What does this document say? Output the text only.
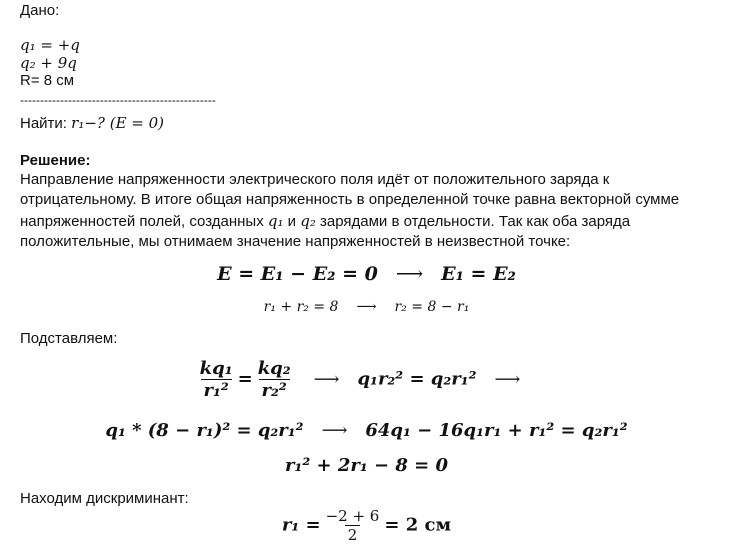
Дано:
q₁ = +q
q₂ + 9q
R= 8 см
-------------------------------------------------
Найти: r₁−? (E = 0)
Решение:
Направление напряженности электрического поля идёт от положительного заряда к
отрицательному. В итоге общая напряженность в определенной точке равна векторной сумме
напряженностей полей, созданных q₁ и q₂ зарядами в отдельности. Так как оба заряда
положительные, мы отнимаем значение напряженностей в неизвестной точке:
E = E₁ − E₂ = 0 ⟶ E₁ = E₂
r₁ + r₂ = 8 ⟶ r₂ = 8 − r₁
Подставляем:
$\frac{\text{kq₁}}{\text{r₁²}} = \frac{\text{kq₂}}{\text{r₂²}}$ ⟶ q₁r₂² = q₂r₁² ⟶
q₁ * (8 − r₁)² = q₂r₁² ⟶ 64q₁ − 16q₁r₁ + r₁² = q₂r₁²
r₁² + 2r₁ − 8 = 0
Находим дискриминант:
$r_1 = \frac{-2 + 6}{2} = 2$ см
